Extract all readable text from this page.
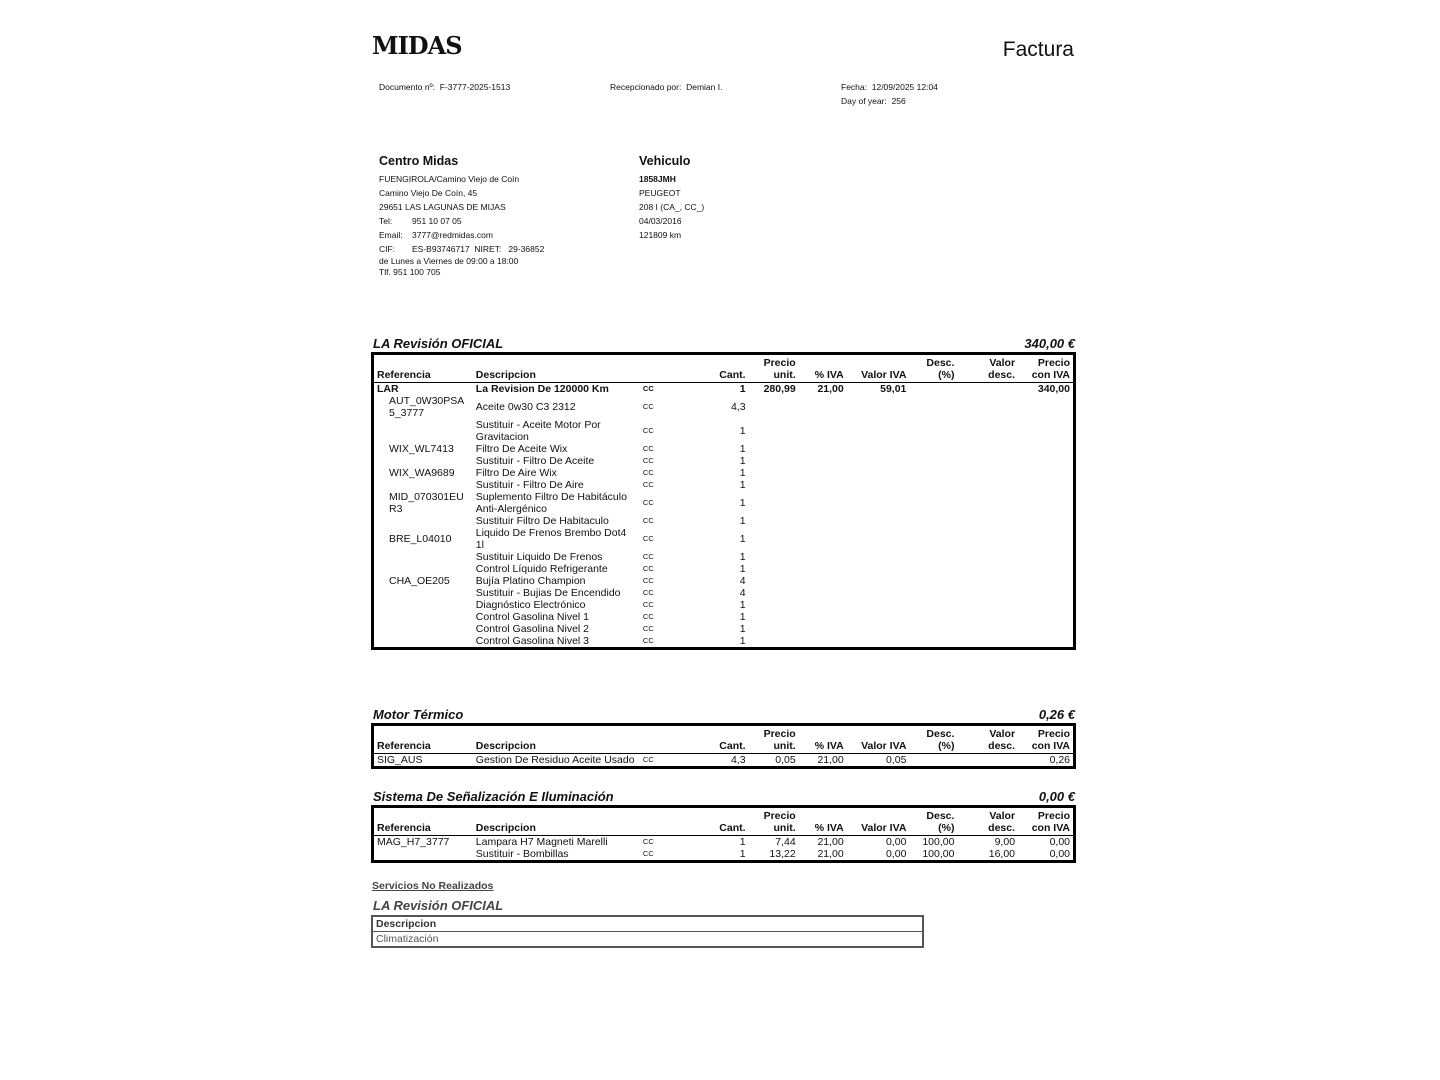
MIDAS	Factura
Documento nº: F-3777-2025-1513	Recepcionado por: Demian I.	Fecha: 12/09/2025 12:04
Day of year: 256
Centro Midas
FUENGIROLA/Camino Viejo de Coín
Camino Viejo De Coín, 45
29651 LAS LAGUNAS DE MIJAS
Tel: 951 10 07 05
Email: 3777@redmidas.com
CIF: ES-B93746717 NIRET: 29-36852
de Lunes a Viernes de 09:00 a 18:00
Tlf. 951 100 705
Vehiculo
1858JMH
PEUGEOT
208 I (CA_, CC_)
04/03/2016
121809 km
LA Revisión OFICIAL	340,00 €
Referencia	Descripcion		Cant.	Precio unit.	% IVA	Valor IVA	Desc. (%)	Valor desc.	Precio con IVA
LAR	La Revision De 120000 Km	CC	1	280,99	21,00	59,01			340,00
AUT_0W30PSA5_3777	Aceite 0w30 C3 2312	CC	4,3						
	Sustituir - Aceite Motor Por Gravitacion	CC	1						
WIX_WL7413	Filtro De Aceite Wix	CC	1						
	Sustituir - Filtro De Aceite	CC	1						
WIX_WA9689	Filtro De Aire Wix	CC	1						
	Sustituir - Filtro De Aire	CC	1						
MID_070301EUR3	Suplemento Filtro De Habitáculo Anti-Alergénico	CC	1						
	Sustituir Filtro De Habitaculo	CC	1						
BRE_L04010	Liquido De Frenos Brembo Dot4 1l	CC	1						
	Sustituir Liquido De Frenos	CC	1						
	Control Líquido Refrigerante	CC	1						
CHA_OE205	Bujía Platino Champion	CC	4						
	Sustituir - Bujias De Encendido	CC	4						
	Diagnóstico Electrónico	CC	1						
	Control Gasolina Nivel 1	CC	1						
	Control Gasolina Nivel 2	CC	1						
	Control Gasolina Nivel 3	CC	1						
Motor Térmico	0,26 €
Referencia	Descripcion		Cant.	Precio unit.	% IVA	Valor IVA	Desc. (%)	Valor desc.	Precio con IVA
SIG_AUS	Gestion De Residuo Aceite Usado	CC	4,3	0,05	21,00	0,05			0,26
Sistema De Señalización E Iluminación	0,00 €
Referencia	Descripcion		Cant.	Precio unit.	% IVA	Valor IVA	Desc. (%)	Valor desc.	Precio con IVA
MAG_H7_3777	Lampara H7 Magneti Marelli	CC	1	7,44	21,00	0,00	100,00	9,00	0,00
	Sustituir - Bombillas	CC	1	13,22	21,00	0,00	100,00	16,00	0,00
Servicios No Realizados
LA Revisión OFICIAL
Descripcion
Climatización
